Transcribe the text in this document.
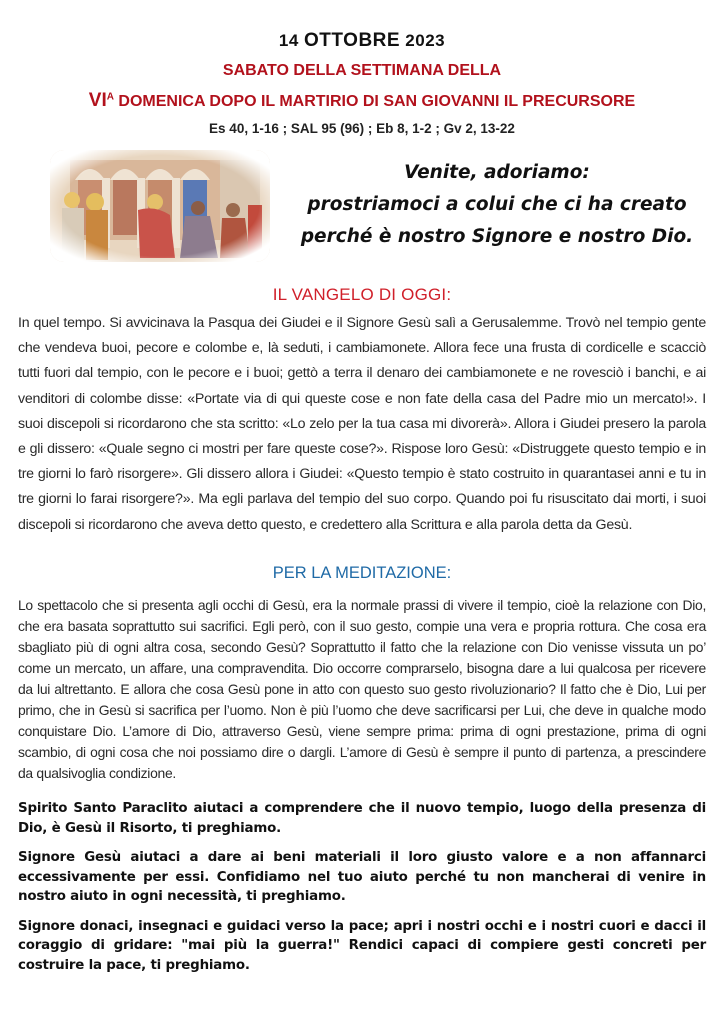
14 OTTOBRE 2023
SABATO DELLA SETTIMANA DELLA
$VI^A$ DOMENICA DOPO IL MARTIRIO DI SAN GIOVANNI IL PRECURSORE
Es 40, 1-16 ; SAL 95 (96) ; Eb 8, 1-2 ; Gv 2, 13-22
Venite, adoriamo:
prostriamoci a colui che ci ha creato
perché è nostro Signore e nostro Dio.
IL VANGELO DI OGGI:
In quel tempo. Si avvicinava la Pasqua dei Giudei e il Signore Gesù salì a Gerusalemme. Trovò nel tempio gente che vendeva buoi, pecore e colombe e, là seduti, i cambiamonete. Allora fece una frusta di cordicelle e scacciò tutti fuori dal tempio, con le pecore e i buoi; gettò a terra il denaro dei cambiamonete e ne rovesciò i banchi, e ai venditori di colombe disse: «Portate via di qui queste cose e non fate della casa del Padre mio un mercato!». I suoi discepoli si ricordarono che sta scritto: «Lo zelo per la tua casa mi divorerà». Allora i Giudei presero la parola e gli dissero: «Quale segno ci mostri per fare queste cose?». Rispose loro Gesù: «Distruggete questo tempio e in tre giorni lo farò risorgere». Gli dissero allora i Giudei: «Questo tempio è stato costruito in quarantasei anni e tu in tre giorni lo farai risorgere?». Ma egli parlava del tempio del suo corpo. Quando poi fu risuscitato dai morti, i suoi discepoli si ricordarono che aveva detto questo, e credettero alla Scrittura e alla parola detta da Gesù.
PER LA MEDITAZIONE:
Lo spettacolo che si presenta agli occhi di Gesù, era la normale prassi di vivere il tempio, cioè la relazione con Dio, che era basata soprattutto sui sacrifici. Egli però, con il suo gesto, compie una vera e propria rottura. Che cosa era sbagliato più di ogni altra cosa, secondo Gesù? Soprattutto il fatto che la relazione con Dio venisse vissuta un po’ come un mercato, un affare, una compravendita. Dio occorre comprarselo, bisogna dare a lui qualcosa per ricevere da lui altrettanto. E allora che cosa Gesù pone in atto con questo suo gesto rivoluzionario? Il fatto che è Dio, Lui per primo, che in Gesù si sacrifica per l’uomo. Non è più l’uomo che deve sacrificarsi per Lui, che deve in qualche modo conquistare Dio. L’amore di Dio, attraverso Gesù, viene sempre prima: prima di ogni prestazione, prima di ogni scambio, di ogni cosa che noi possiamo dire o dargli. L’amore di Gesù è sempre il punto di partenza, a prescindere da qualsivoglia condizione.

Spirito Santo Paraclito aiutaci a comprendere che il nuovo tempio, luogo della presenza di Dio, è Gesù il Risorto, ti preghiamo.

Signore Gesù aiutaci a dare ai beni materiali il loro giusto valore e a non affannarci eccessivamente per essi. Confidiamo nel tuo aiuto perché tu non mancherai di venire in nostro aiuto in ogni necessità, ti preghiamo.

Signore donaci, insegnaci e guidaci verso la pace; apri i nostri occhi e i nostri cuori e dacci il coraggio di gridare: "mai più la guerra!" Rendici capaci di compiere gesti concreti per costruire la pace, ti preghiamo.
